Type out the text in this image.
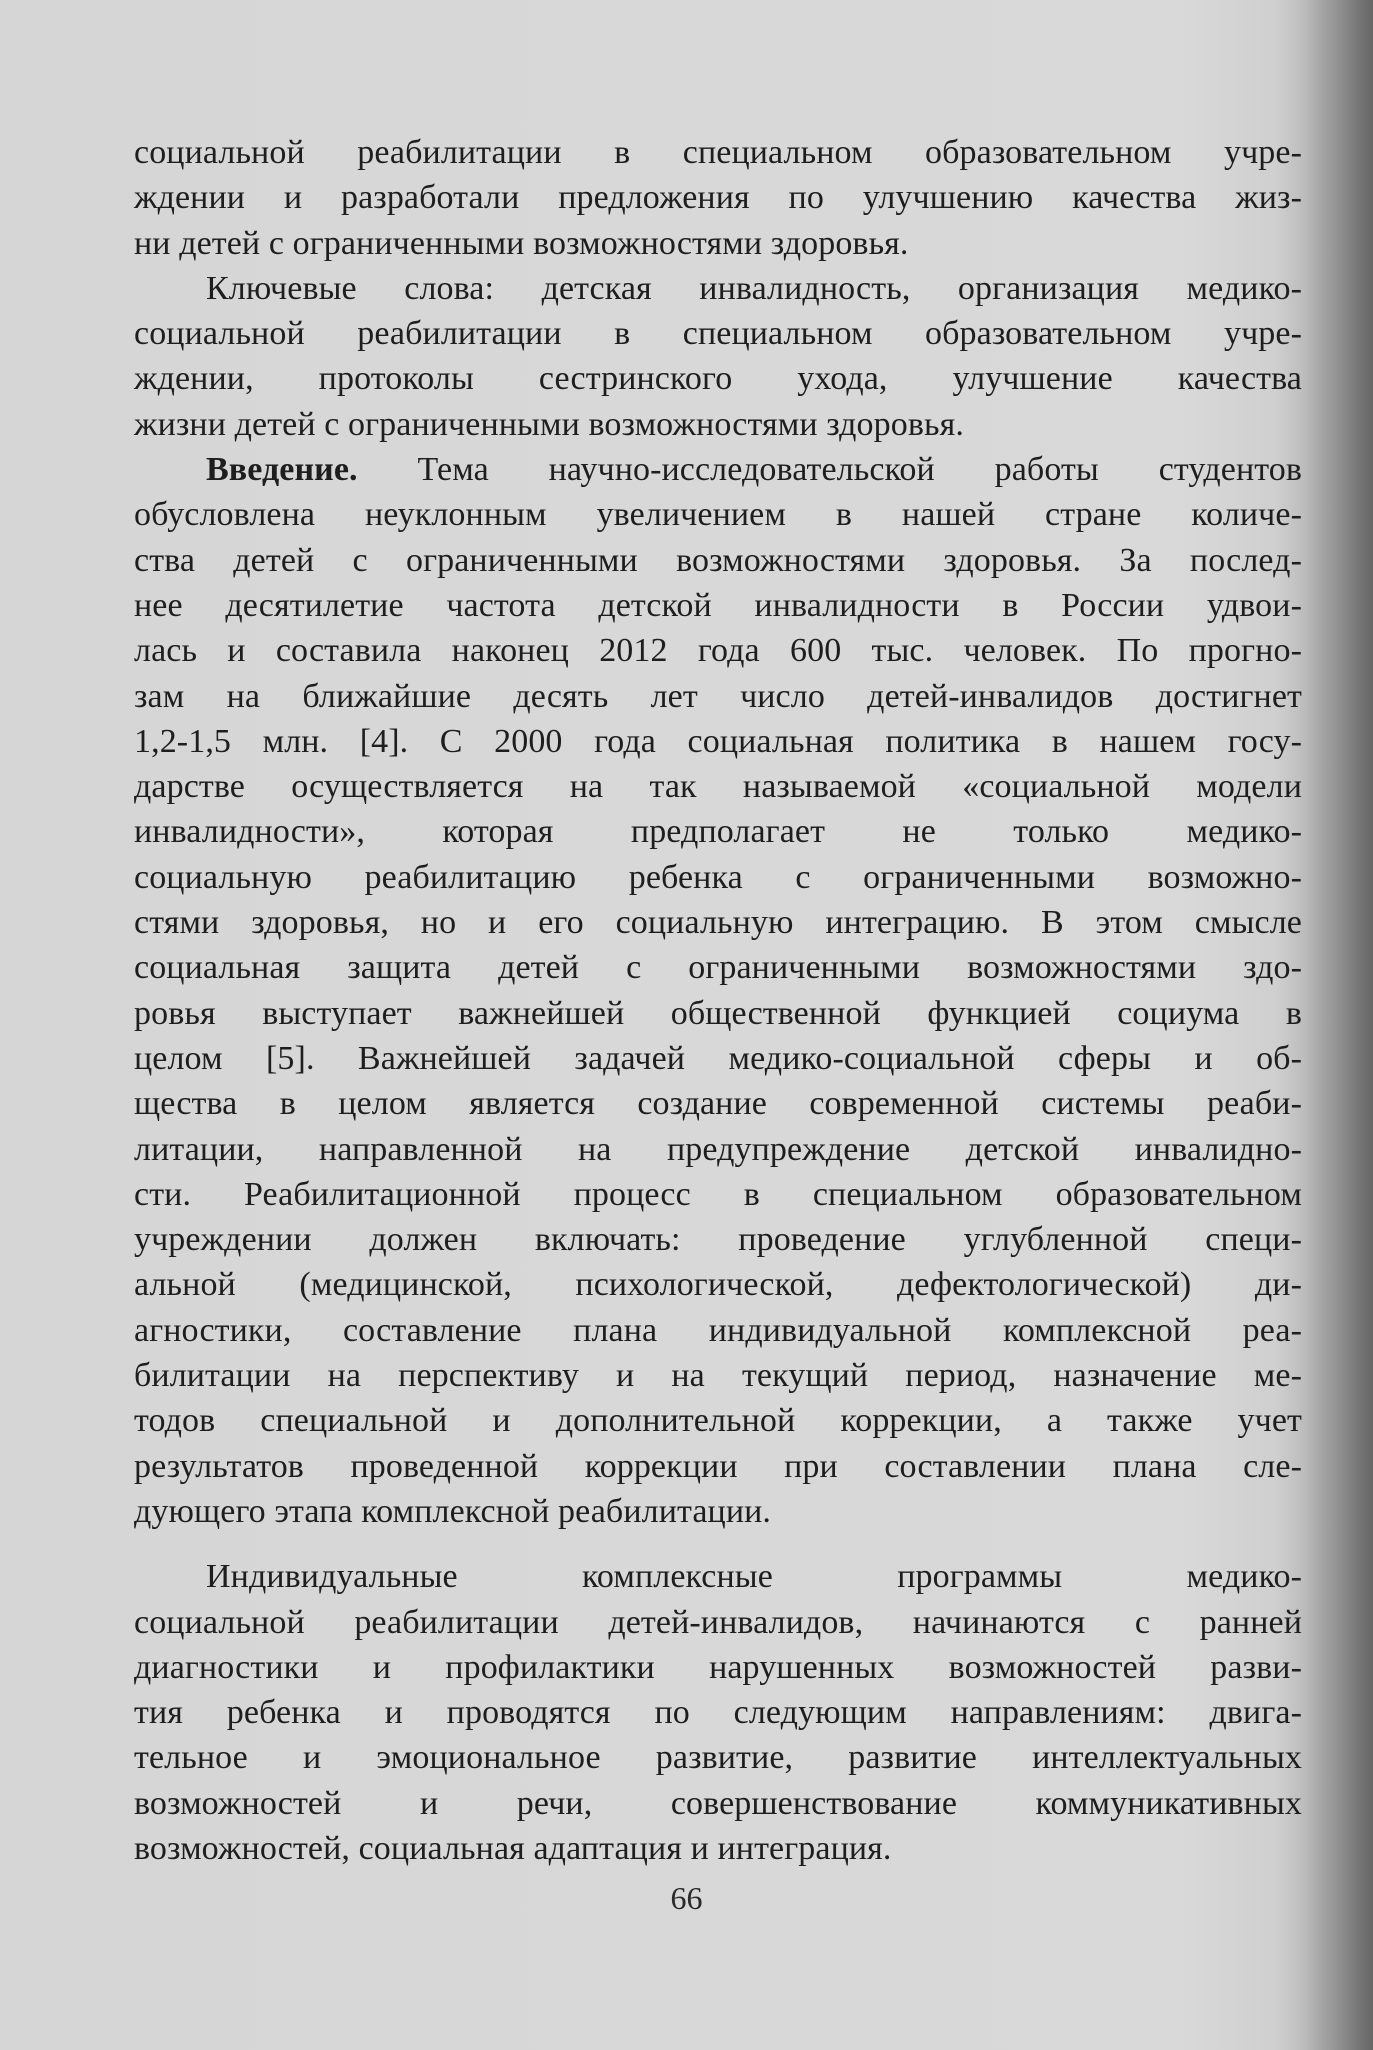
социальной реабилитации в специальном образовательном учре-
ждении и разработали предложения по улучшению качества жиз-
ни детей с ограниченными возможностями здоровья.
Ключевые слова: детская инвалидность, организация медико-
социальной реабилитации в специальном образовательном учре-
ждении, протоколы сестринского ухода, улучшение качества
жизни детей с ограниченными возможностями здоровья.
Введение. Тема научно-исследовательской работы студентов
обусловлена неуклонным увеличением в нашей стране количе-
ства детей с ограниченными возможностями здоровья. За послед-
нее десятилетие частота детской инвалидности в России удвои-
лась и составила наконец 2012 года 600 тыс. человек. По прогно-
зам на ближайшие десять лет число детей-инвалидов достигнет
1,2-1,5 млн. [4]. С 2000 года социальная политика в нашем госу-
дарстве осуществляется на так называемой «социальной модели
инвалидности», которая предполагает не только медико-
социальную реабилитацию ребенка с ограниченными возможно-
стями здоровья, но и его социальную интеграцию. В этом смысле
социальная защита детей с ограниченными возможностями здо-
ровья выступает важнейшей общественной функцией социума в
целом [5]. Важнейшей задачей медико-социальной сферы и об-
щества в целом является создание современной системы реаби-
литации, направленной на предупреждение детской инвалидно-
сти. Реабилитационной процесс в специальном образовательном
учреждении должен включать: проведение углубленной специ-
альной (медицинской, психологической, дефектологической) ди-
агностики, составление плана индивидуальной комплексной реа-
билитации на перспективу и на текущий период, назначение ме-
тодов специальной и дополнительной коррекции, а также учет
результатов проведенной коррекции при составлении плана сле-
дующего этапа комплексной реабилитации.
Индивидуальные комплексные программы медико-
социальной реабилитации детей-инвалидов, начинаются с ранней
диагностики и профилактики нарушенных возможностей разви-
тия ребенка и проводятся по следующим направлениям: двига-
тельное и эмоциональное развитие, развитие интеллектуальных
возможностей и речи, совершенствование коммуникативных
возможностей, социальная адаптация и интеграция.
66
